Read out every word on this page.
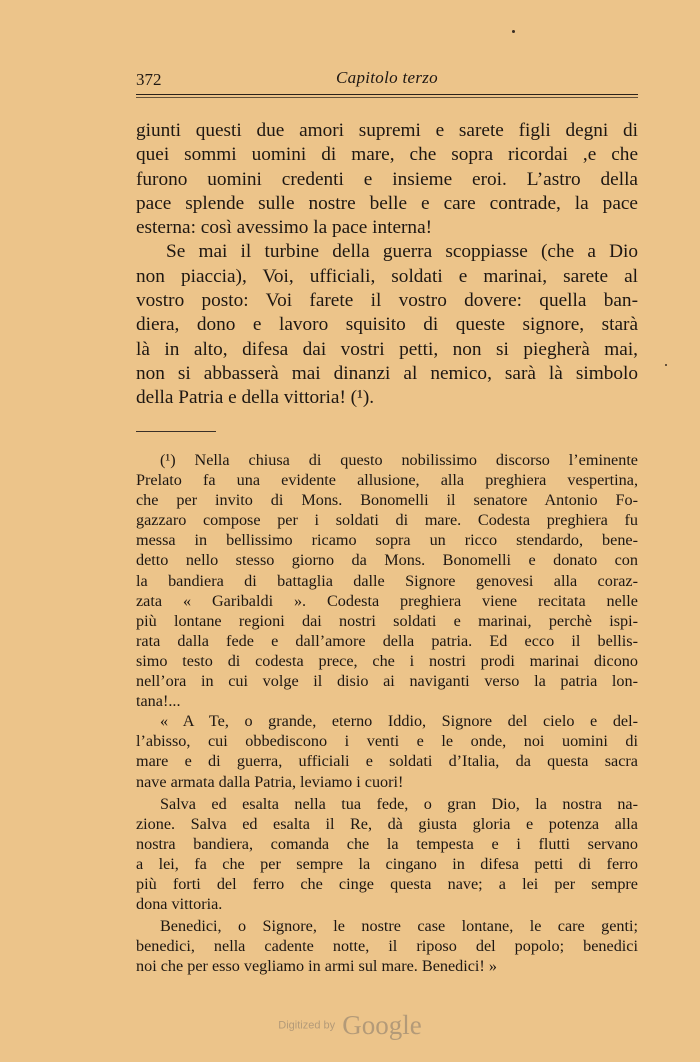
372	Capitolo terzo
giunti questi due amori supremi e sarete figli degni di
quei sommi uomini di mare, che sopra ricordai ,e che
furono uomini credenti e insieme eroi. L’astro della
pace splende sulle nostre belle e care contrade, la pace
esterna: così avessimo la pace interna!
Se mai il turbine della guerra scoppiasse (che a Dio
non piaccia), Voi, ufficiali, soldati e marinai, sarete al
vostro posto: Voi farete il vostro dovere: quella ban-
diera, dono e lavoro squisito di queste signore, starà
là in alto, difesa dai vostri petti, non si piegherà mai,
non si abbasserà mai dinanzi al nemico, sarà là simbolo
della Patria e della vittoria! (¹).
(¹) Nella chiusa di questo nobilissimo discorso l’eminente
Prelato fa una evidente allusione, alla preghiera vespertina,
che per invito di Mons. Bonomelli il senatore Antonio Fo-
gazzaro compose per i soldati di mare. Codesta preghiera fu
messa in bellissimo ricamo sopra un ricco stendardo, bene-
detto nello stesso giorno da Mons. Bonomelli e donato con
la bandiera di battaglia dalle Signore genovesi alla coraz-
zata « Garibaldi ». Codesta preghiera viene recitata nelle
più lontane regioni dai nostri soldati e marinai, perchè ispi-
rata dalla fede e dall’amore della patria. Ed ecco il bellis-
simo testo di codesta prece, che i nostri prodi marinai dicono
nell’ora in cui volge il disio ai naviganti verso la patria lon-
tana!...
« A Te, o grande, eterno Iddio, Signore del cielo e del-
l’abisso, cui obbediscono i venti e le onde, noi uomini di
mare e di guerra, ufficiali e soldati d’Italia, da questa sacra
nave armata dalla Patria, leviamo i cuori!
Salva ed esalta nella tua fede, o gran Dio, la nostra na-
zione. Salva ed esalta il Re, dà giusta gloria e potenza alla
nostra bandiera, comanda che la tempesta e i flutti servano
a lei, fa che per sempre la cingano in difesa petti di ferro
più forti del ferro che cinge questa nave; a lei per sempre
dona vittoria.
Benedici, o Signore, le nostre case lontane, le care genti;
benedici, nella cadente notte, il riposo del popolo; benedici
noi che per esso vegliamo in armi sul mare. Benedici! »
Digitized by Google
